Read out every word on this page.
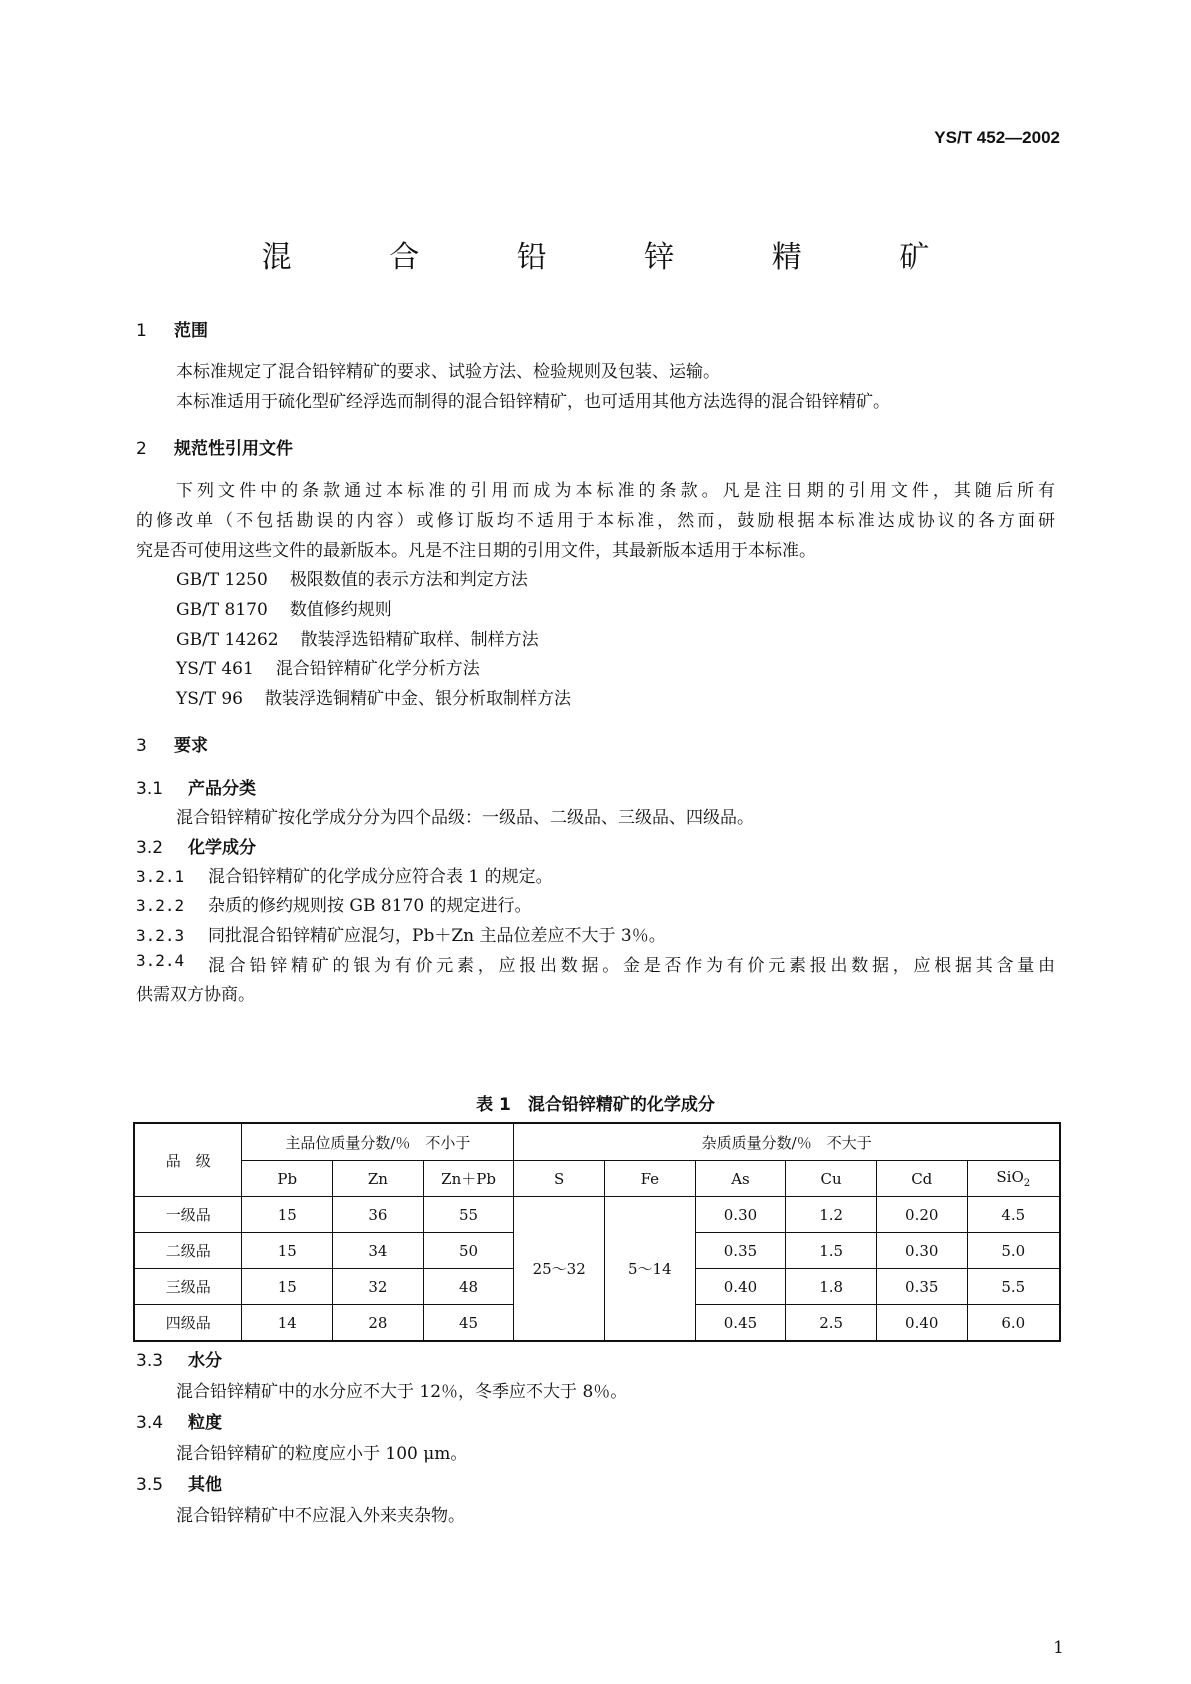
YS/T 452—2002
混 合 铅 锌 精 矿
1 范围
本标准规定了混合铅锌精矿的要求、试验方法、检验规则及包装、运输。
本标准适用于硫化型矿经浮选而制得的混合铅锌精矿，也可适用其他方法选得的混合铅锌精矿。
2 规范性引用文件
下列文件中的条款通过本标准的引用而成为本标准的条款。凡是注日期的引用文件，其随后所有
的修改单（不包括勘误的内容）或修订版均不适用于本标准，然而，鼓励根据本标准达成协议的各方面研
究是否可使用这些文件的最新版本。凡是不注日期的引用文件，其最新版本适用于本标准。
GB/T 1250 极限数值的表示方法和判定方法
GB/T 8170 数值修约规则
GB/T 14262 散装浮选铅精矿取样、制样方法
YS/T 461 混合铅锌精矿化学分析方法
YS/T 96 散装浮选铜精矿中金、银分析取制样方法
3 要求
3.1 产品分类
混合铅锌精矿按化学成分分为四个品级：一级品、二级品、三级品、四级品。
3.2 化学成分
3.2.1 混合铅锌精矿的化学成分应符合表 1 的规定。
3.2.2 杂质的修约规则按 GB 8170 的规定进行。
3.2.3 同批混合铅锌精矿应混匀，Pb＋Zn 主品位差应不大于 3％。
3.2.4	混合铅锌精矿的银为有价元素，应报出数据。金是否作为有价元素报出数据，应根据其含量由
供需双方协商。
表 1　混合铅锌精矿的化学成分
品　级	主品位质量分数/％　不小于			杂质质量分数/％　不大于					
	Pb	Zn	Zn＋Pb	S	Fe	As	Cu	Cd	SiO$_2$
一级品	15	36	55	25～32	5～14	0.30	1.2	0.20	4.5
二级品	15	34	50			0.35	1.5	0.30	5.0
三级品	15	32	48			0.40	1.8	0.35	5.5
四级品	14	28	45			0.45	2.5	0.40	6.0
3.3 水分
混合铅锌精矿中的水分应不大于 12％，冬季应不大于 8％。
3.4 粒度
混合铅锌精矿的粒度应小于 100 μm。
3.5 其他
混合铅锌精矿中不应混入外来夹杂物。
1
